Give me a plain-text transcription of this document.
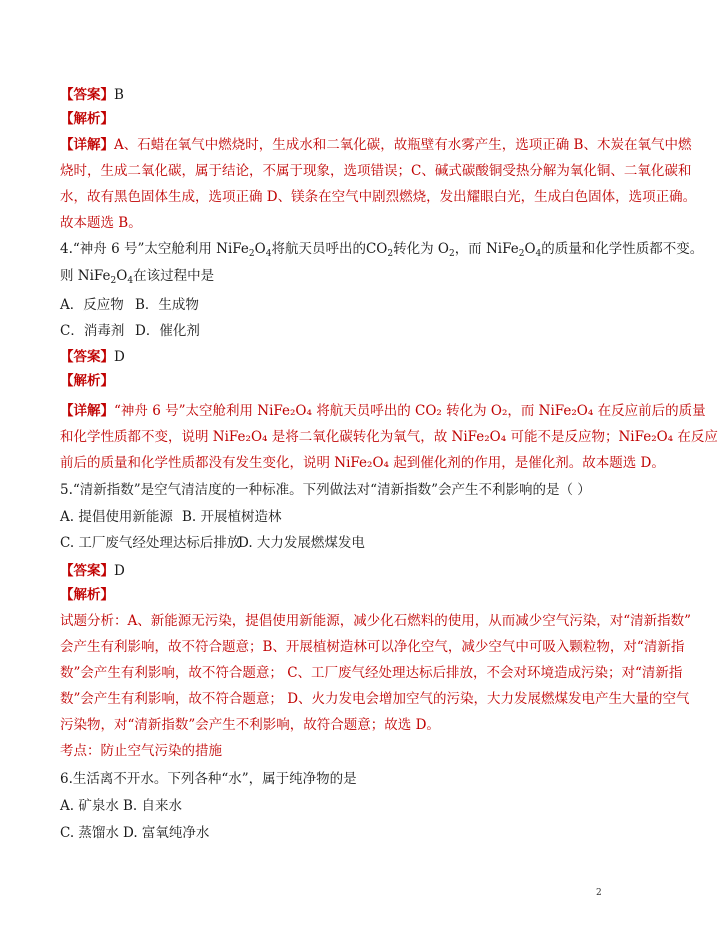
【答案】B
【解析】
【详解】A、石蜡在氧气中燃烧时，生成水和二氧化碳，故瓶壁有水雾产生，选项正确 B、木炭在氧气中燃
烧时，生成二氧化碳，属于结论，不属于现象，选项错误；C、碱式碳酸铜受热分解为氧化铜、二氧化碳和
水，故有黑色固体生成，选项正确 D、镁条在空气中剧烈燃烧，发出耀眼白光，生成白色固体，选项正确。
故本题选 B。
4.“神舟 6 号”太空舱利用 $NiFe_2O_4$将航天员呼出的$CO_2$转化为 $O_2$，而 $NiFe_2O_4$的质量和化学性质都不变。
则 $NiFe_2O_4$在该过程中是
A．反应物 B．生成物
C．消毒剂 D．催化剂
【答案】D
【解析】
【详解】“神舟 6 号”太空舱利用 NiFe₂O₄ 将航天员呼出的 CO₂ 转化为 O₂，而 NiFe₂O₄ 在反应前后的质量
和化学性质都不变，说明 NiFe₂O₄ 是将二氧化碳转化为氧气，故 NiFe₂O₄ 可能不是反应物；NiFe₂O₄ 在反应
前后的质量和化学性质都没有发生变化，说明 NiFe₂O₄ 起到催化剂的作用，是催化剂。故本题选 D。
5.“清新指数”是空气清洁度的一种标准。下列做法对“清新指数”会产生不利影响的是（ ）
A. 提倡使用新能源 B. 开展植树造林
C. 工厂废气经处理达标后排放D. 大力发展燃煤发电
【答案】D
【解析】
试题分析：A、新能源无污染，提倡使用新能源，减少化石燃料的使用，从而减少空气污染，对“清新指数”
会产生有利影响，故不符合题意；B、开展植树造林可以净化空气，减少空气中可吸入颗粒物，对“清新指
数”会产生有利影响，故不符合题意； C、工厂废气经处理达标后排放，不会对环境造成污染；对“清新指
数”会产生有利影响，故不符合题意； D、火力发电会增加空气的污染，大力发展燃煤发电产生大量的空气
污染物，对“清新指数”会产生不利影响，故符合题意；故选 D。
考点：防止空气污染的措施
6.生活离不开水。下列各种“水”，属于纯净物的是
A. 矿泉水 B. 自来水
C. 蒸馏水 D. 富氧纯净水
2
